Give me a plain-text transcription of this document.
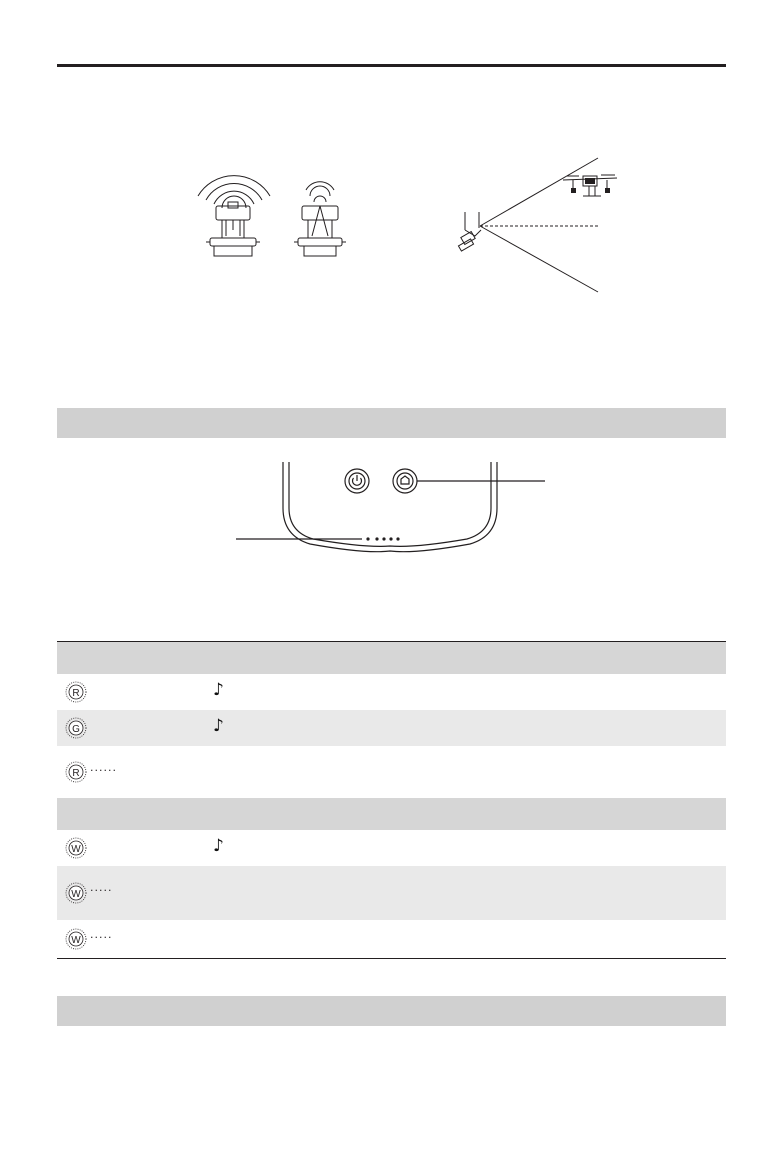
R	♪
G	♪
R ······
W	♪
W ·····
W ·····
